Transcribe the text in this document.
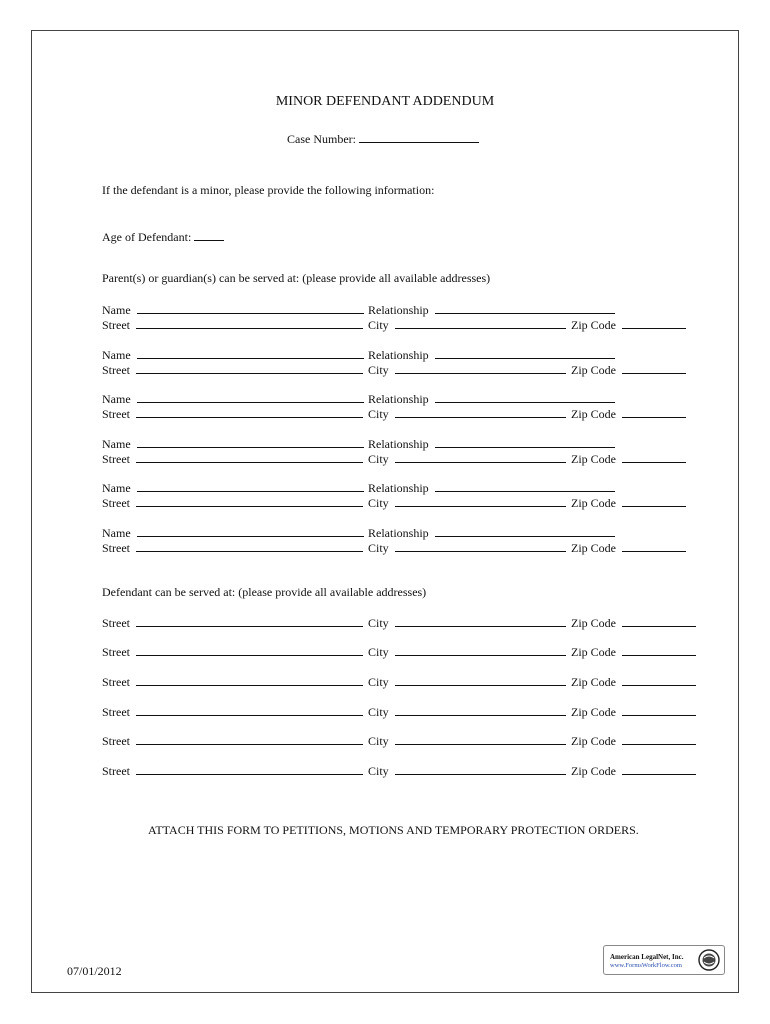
MINOR DEFENDANT ADDENDUM
Case Number:
If the defendant is a minor, please provide the following information:
Age of Defendant:
Parent(s) or guardian(s) can be served at: (please provide all available addresses)
Name	Relationship
Street	City	Zip Code
Name	Relationship
Street	City	Zip Code
Name	Relationship
Street	City	Zip Code
Name	Relationship
Street	City	Zip Code
Name	Relationship
Street	City	Zip Code
Name	Relationship
Street	City	Zip Code
Defendant can be served at: (please provide all available addresses)
Street	City	Zip Code
Street	City	Zip Code
Street	City	Zip Code
Street	City	Zip Code
Street	City	Zip Code
Street	City	Zip Code
ATTACH THIS FORM TO PETITIONS, MOTIONS AND TEMPORARY PROTECTION ORDERS.
07/01/2012
American LegalNet, Inc.
www.FormsWorkFlow.com
